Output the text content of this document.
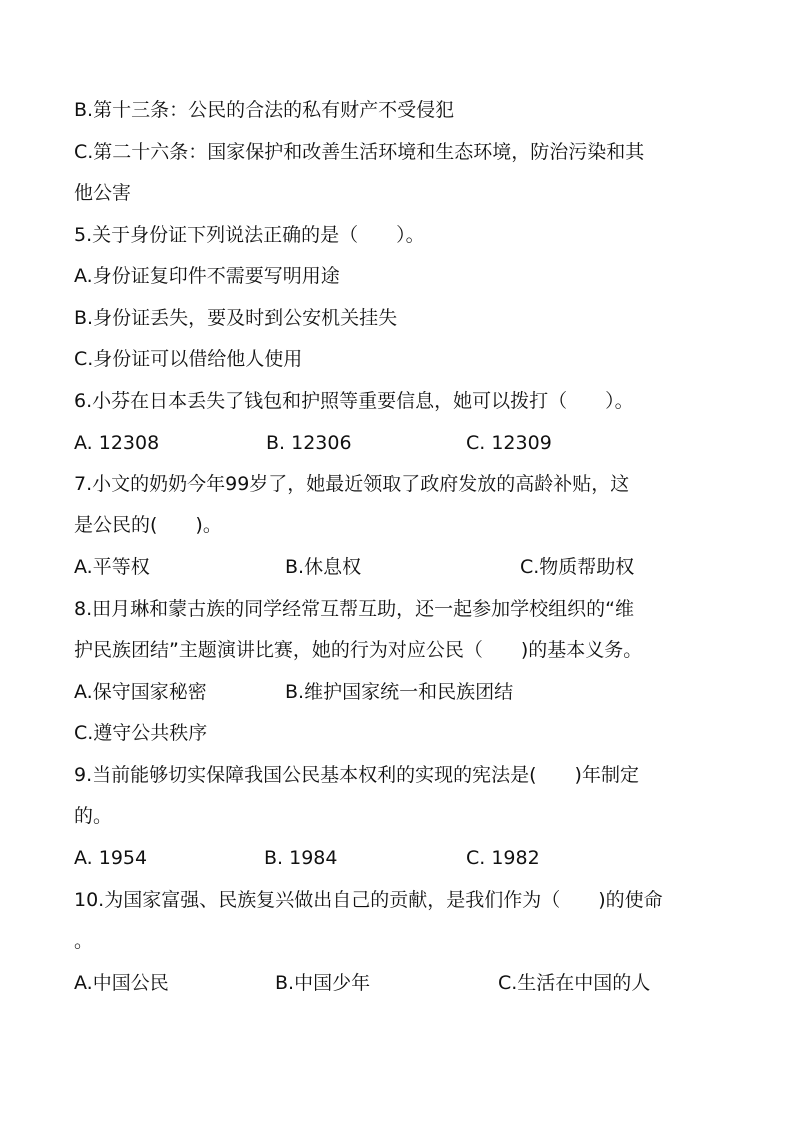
B.第十三条：公民的合法的私有财产不受侵犯
C.第二十六条：国家保护和改善生活环境和生态环境，防治污染和其
他公害
5.关于身份证下列说法正确的是（　　）。
A.身份证复印件不需要写明用途
B.身份证丢失，要及时到公安机关挂失
C.身份证可以借给他人使用
6.小芬在日本丢失了钱包和护照等重要信息，她可以拨打（　　）。
A. 12308	B. 12306	C. 12309
7.小文的奶奶今年99岁了，她最近领取了政府发放的高龄补贴，这
是公民的(　　)。
A.平等权	B.休息权	C.物质帮助权
8.田月琳和蒙古族的同学经常互帮互助，还一起参加学校组织的“维
护民族团结”主题演讲比赛，她的行为对应公民（　　)的基本义务。
A.保守国家秘密	B.维护国家统一和民族团结
C.遵守公共秩序
9.当前能够切实保障我国公民基本权利的实现的宪法是(　　)年制定
的。
A. 1954	B. 1984	C. 1982
10.为国家富强、民族复兴做出自己的贡献，是我们作为（　　)的使命
。
A.中国公民	B.中国少年	C.生活在中国的人
